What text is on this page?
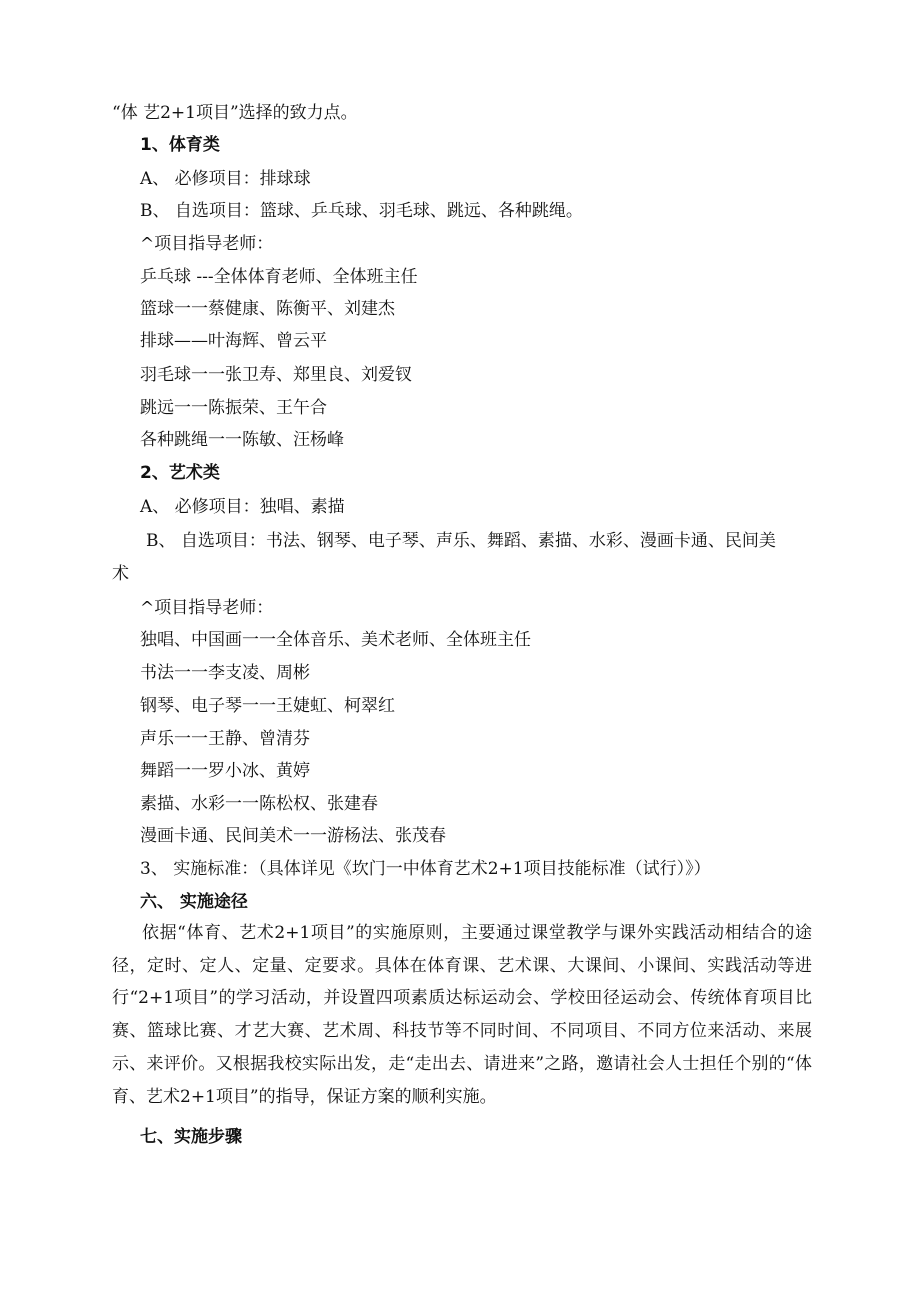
“体 艺2+1项目”选择的致力点。
1、体育类
A、 必修项目：排球球
B、 自选项目：篮球、乒乓球、羽毛球、跳远、各种跳绳。
^项目指导老师：
乒乓球 ---全体体育老师、全体班主任
篮球一一蔡健康、陈衡平、刘建杰
排球——叶海辉、曾云平
羽毛球一一张卫寿、郑里良、刘爱钗
跳远一一陈振荣、王午合
各种跳绳一一陈敏、汪杨峰
2、艺术类
A、 必修项目：独唱、素描
B、 自选项目：书法、钢琴、电子琴、声乐、舞蹈、素描、水彩、漫画卡通、民间美
术
^项目指导老师：
独唱、中国画一一全体音乐、美术老师、全体班主任
书法一一李支凌、周彬
钢琴、电子琴一一王婕虹、柯翠红
声乐一一王静、曾清芬
舞蹈一一罗小冰、黄婷
素描、水彩一一陈松权、张建春
漫画卡通、民间美术一一游杨法、张茂春
3、 实施标准：（具体详见《坎门一中体育艺术2+1项目技能标准（试行）》）
六、 实施途径

依据“体育、艺术2+1项目”的实施原则，主要通过课堂教学与课外实践活动相结合的途径，定时、定人、定量、定要求。具体在体育课、艺术课、大课间、小课间、实践活动等进行“2+1项目”的学习活动，并设置四项素质达标运动会、学校田径运动会、传统体育项目比赛、篮球比赛、才艺大赛、艺术周、科技节等不同时间、不同项目、不同方位来活动、来展示、来评价。又根据我校实际出发，走“走出去、请进来”之路，邀请社会人士担任个别的“体育、艺术2+1项目”的指导，保证方案的顺利实施。

七、实施步骤
